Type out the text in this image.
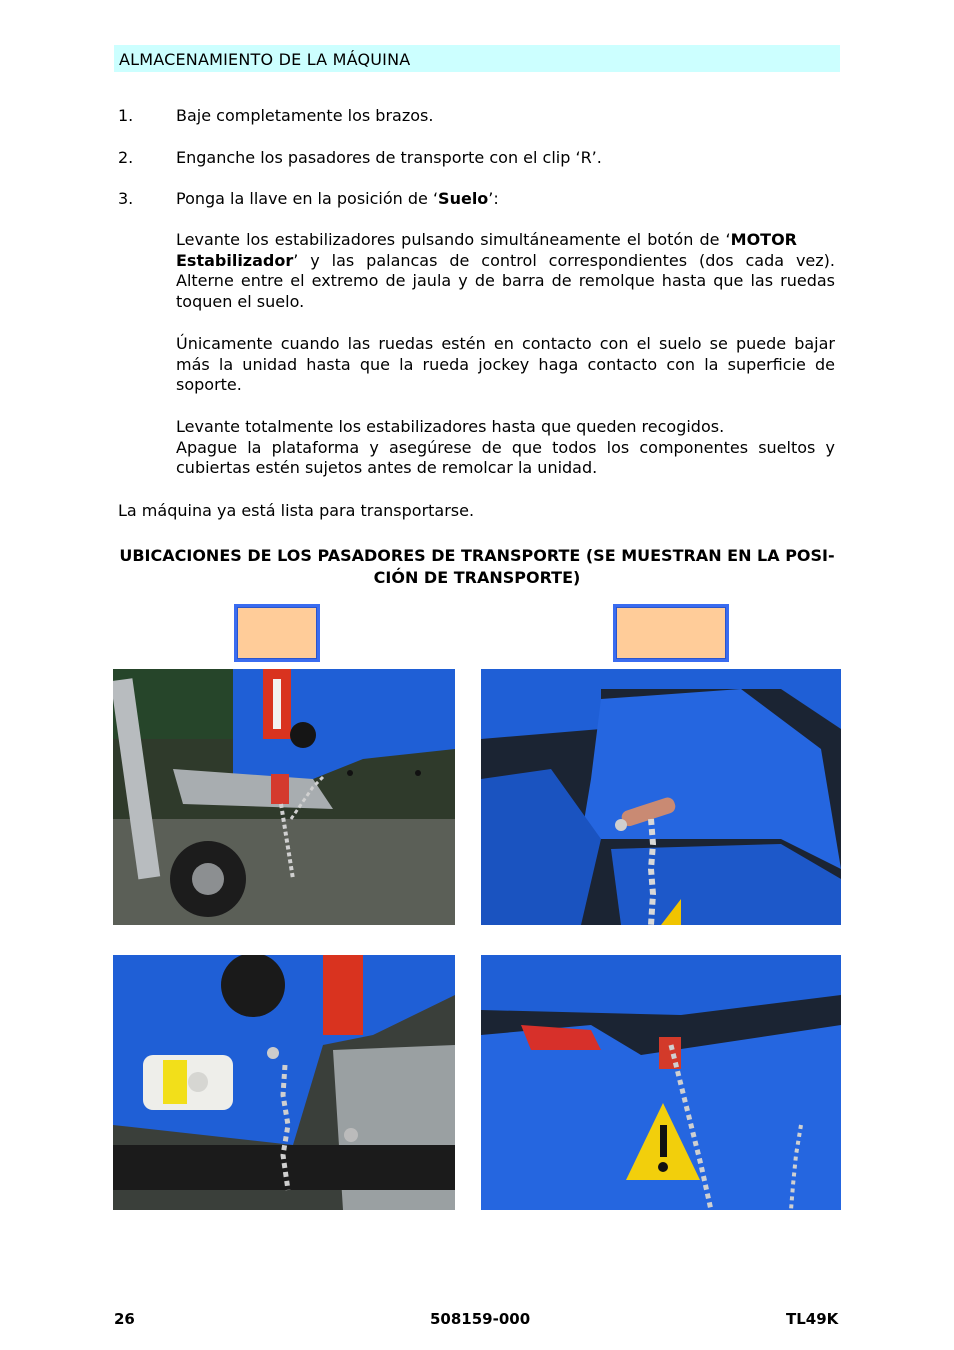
ALMACENAMIENTO DE LA MÁQUINA
1.	Baje completamente los brazos.
2.	Enganche los pasadores de transporte con el clip ‘R’.
3.	Ponga la llave en la posición de ‘Suelo’:

Levante los estabilizadores pulsando simultáneamente el botón de ‘MOTOREstabilizador’ y las palancas de control correspondientes (dos cada vez). Alterne entre el extremo de jaula y de barra de remolque hasta que las ruedas toquen el suelo.

Únicamente cuando las ruedas estén en contacto con el suelo se puede bajar más la unidad hasta que la rueda jockey haga contacto con la superficie de soporte.

Levante totalmente los estabilizadores hasta que queden recogidos.
Apague la plataforma y asegúrese de que todos los componentes sueltos y cubiertas estén sujetos antes de remolcar la unidad.

La máquina ya está lista para transportarse.
UBICACIONES DE LOS PASADORES DE TRANSPORTE (SE MUESTRAN EN LA POSI-
CIÓN DE TRANSPORTE)
26	508159-000	TL49K
